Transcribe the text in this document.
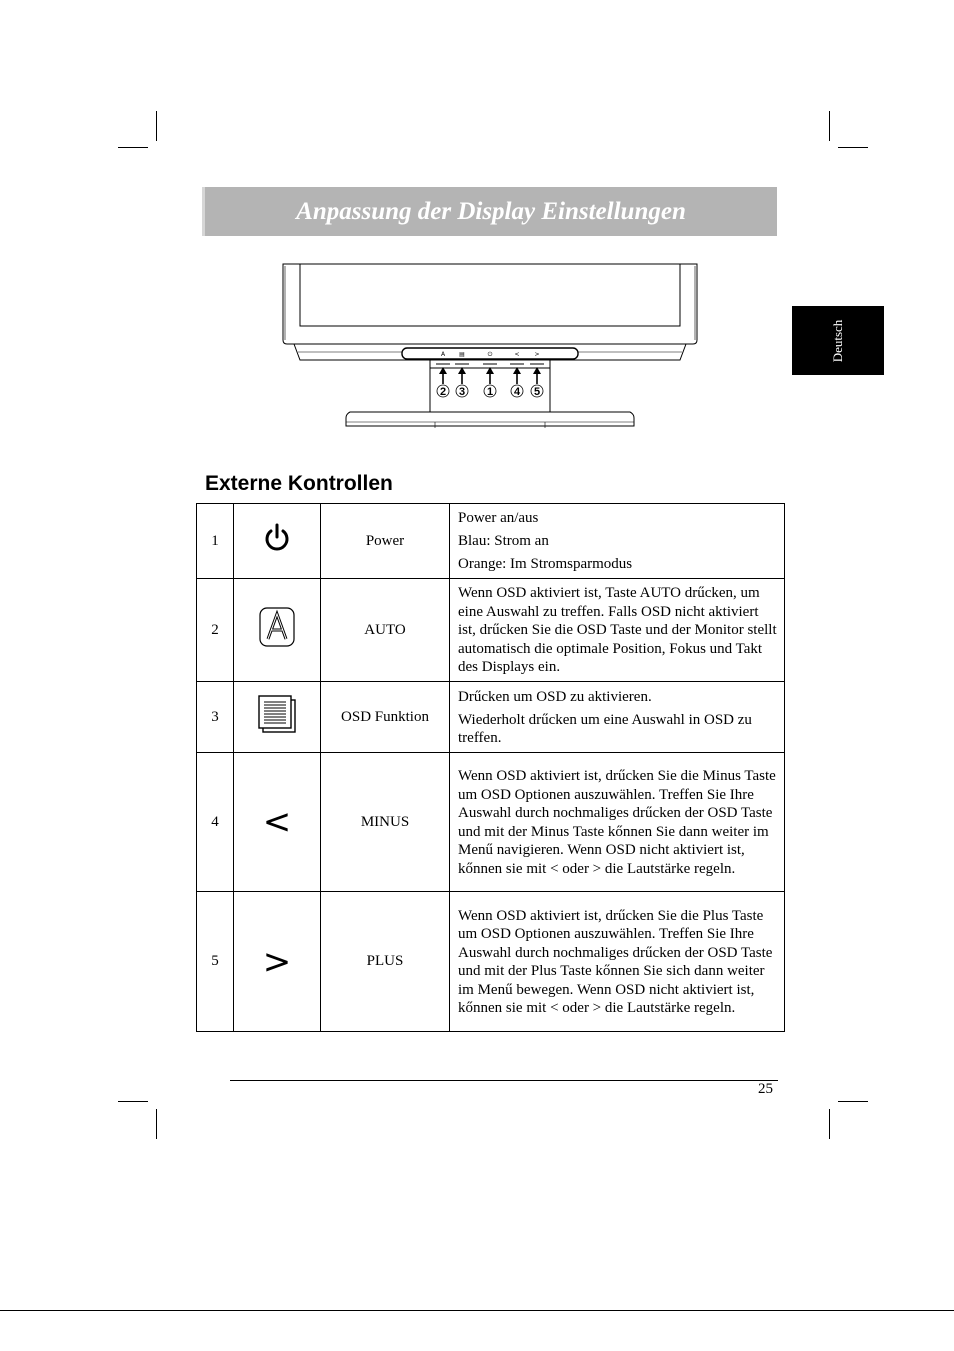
Anpassung der Display Einstellungen
Deutsch
A ▤	⏻	< >
2 3 1 4 5
Externe Kontrollen
1		Power	Power an/aus

Blau: Strom an

Orange: Im Stromsparmodus

2		AUTO	Wenn OSD aktiviert ist, Taste AUTO drűcken, um eine Auswahl zu treffen. Falls OSD nicht aktiviert ist, drűcken Sie die OSD Taste und der Monitor stellt automatisch die optimale Position, Fokus und Takt des Displays ein.

3		OSD Funktion	Drűcken um OSD zu aktivieren.

Wiederholt drűcken um eine Auswahl in OSD zu treffen.

4	<	MINUS	Wenn OSD aktiviert ist, drűcken Sie die Minus Taste um OSD Optionen auszuwählen. Treffen Sie Ihre Auswahl durch nochmaliges drűcken der OSD Taste und mit der Minus Taste kőnnen Sie dann weiter im Menű navigieren. Wenn OSD nicht aktiviert ist, kőnnen sie mit < oder > die Lautstärke regeln.

5	>	PLUS	Wenn OSD aktiviert ist, drűcken Sie die Plus Taste um OSD Optionen auszuwählen. Treffen Sie Ihre Auswahl durch nochmaliges drűcken der OSD Taste und mit der Plus Taste kőnnen Sie sich dann weiter im Menű bewegen. Wenn OSD nicht aktiviert ist, kőnnen sie mit < oder > die Lautstärke regeln.

25
